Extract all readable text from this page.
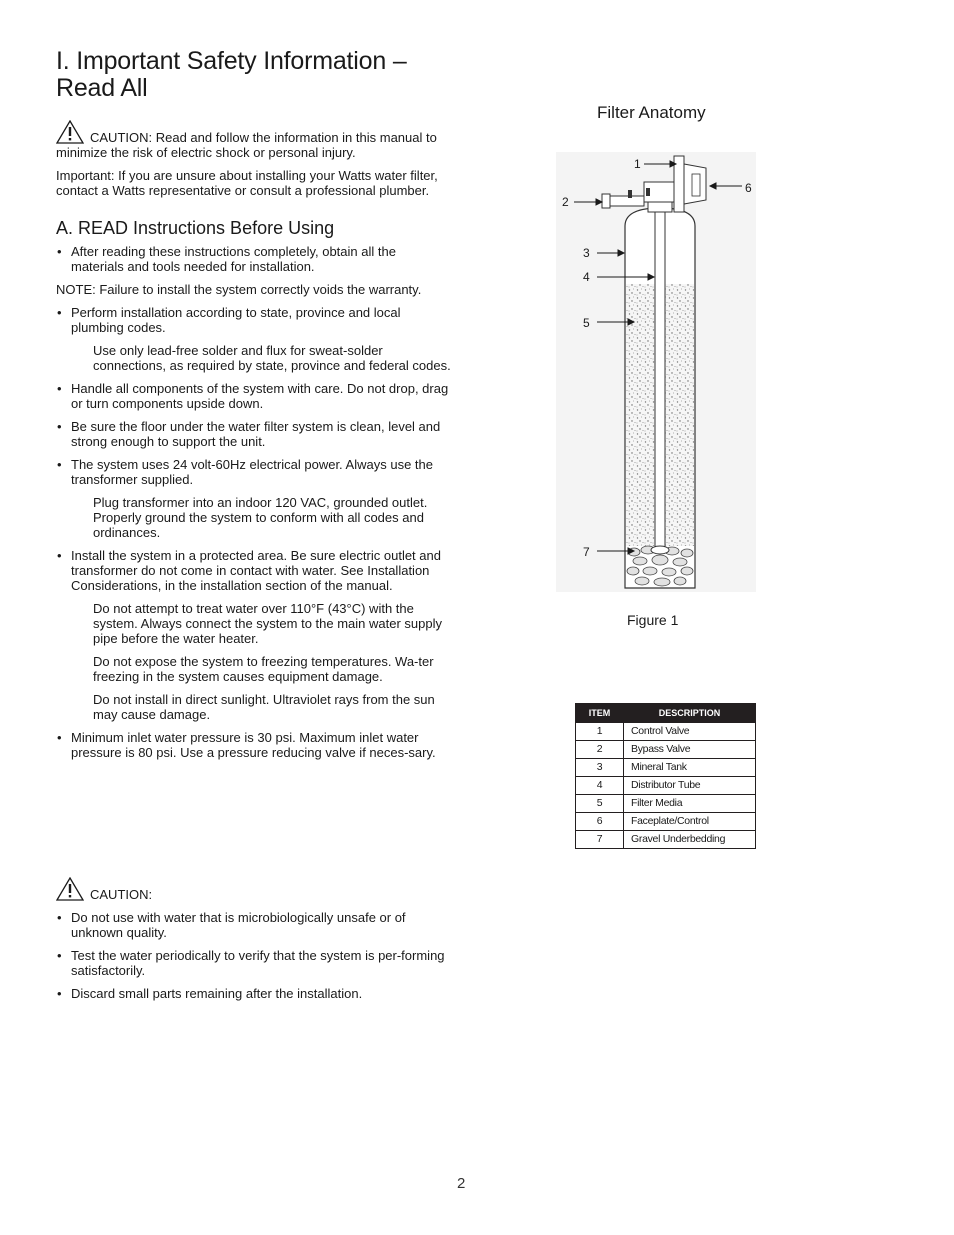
I. Important Safety Information – Read All

CAUTION: Read and follow the information in this manual to minimize the risk of electric shock or personal injury.

Important: If you are unsure about installing your Watts water filter, contact a Watts representative or consult a professional plumber.

A. READ Instructions Before Using
• After reading these instructions completely, obtain all the materials and tools needed for installation.

NOTE: Failure to install the system correctly voids the warranty.

• Perform installation according to state, province and local plumbing codes.
Use only lead-free solder and flux for sweat-solder connections, as required by state, province and federal codes.
• Handle all components of the system with care. Do not drop, drag or turn components upside down.
• Be sure the floor under the water filter system is clean, level and strong enough to support the unit.
• The system uses 24 volt-60Hz electrical power. Always use the transformer supplied.
Plug transformer into an indoor 120 VAC, grounded outlet. Properly ground the system to conform with all codes and ordinances.
• Install the system in a protected area. Be sure electric outlet and transformer do not come in contact with water. See Installation Considerations, in the installation section of the manual.
Do not attempt to treat water over 110°F (43°C) with the system. Always connect the system to the main water supply pipe before the water heater.
Do not expose the system to freezing temperatures. Wa-ter freezing in the system causes equipment damage.
Do not install in direct sunlight. Ultraviolet rays from the sun may cause damage.
• Minimum inlet water pressure is 30 psi. Maximum inlet water pressure is 80 psi. Use a pressure reducing valve if neces-sary.
CAUTION:
• Do not use with water that is microbiologically unsafe or of unknown quality.
• Test the water periodically to verify that the system is per-forming satisfactorily.
• Discard small parts remaining after the installation.
Filter Anatomy
1
2
3
4
5
6
7
Figure 1
ITEM	DESCRIPTION
1	Control Valve
2	Bypass Valve
3	Mineral Tank
4	Distributor Tube
5	Filter Media
6	Faceplate/Control
7	Gravel Underbedding
2
